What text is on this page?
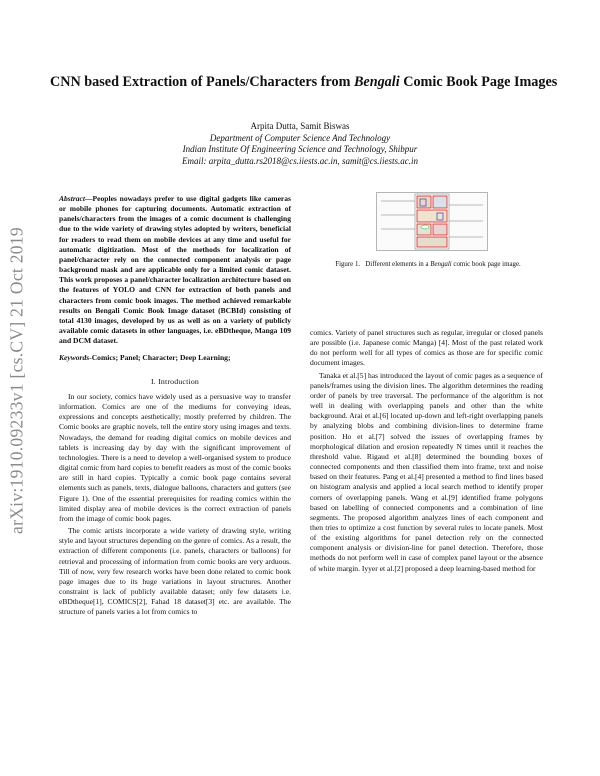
arXiv:1910.09233v1 [cs.CV] 21 Oct 2019
CNN based Extraction of Panels/Characters from Bengali Comic Book Page Images
Arpita Dutta, Samit Biswas
Department of Computer Science And Technology
Indian Institute Of Engineering Science and Technology, Shibpur
Email: arpita_dutta.rs2018@cs.iiests.ac.in, samit@cs.iiests.ac.in

Abstract—Peoples nowadays prefer to use digital gadgets like cameras or mobile phones for capturing documents. Automatic extraction of panels/characters from the images of a comic document is challenging due to the wide variety of drawing styles adopted by writers, beneficial for readers to read them on mobile devices at any time and useful for automatic digitization. Most of the methods for localization of panel/character rely on the connected component analysis or page background mask and are applicable only for a limited comic dataset. This work proposes a panel/character localization architecture based on the features of YOLO and CNN for extraction of both panels and characters from comic book images. The method achieved remarkable results on Bengali Comic Book Image dataset (BCBId) consisting of total 4130 images, developed by us as well as on a variety of publicly available comic datasets in other languages, i.e. eBDtheque, Manga 109 and DCM dataset.

Keywords-Comics; Panel; Character; Deep Learning;

I. Introduction

In our society, comics have widely used as a persuasive way to transfer information. Comics are one of the mediums for conveying ideas, expressions and concepts aesthetically; mostly preferred by children. The Comic books are graphic novels, tell the entire story using images and texts. Nowadays, the demand for reading digital comics on mobile devices and tablets is increasing day by day with the significant improvement of technologies. There is a need to develop a well-organised system to produce digital comic from hard copies to benefit readers as most of the comic books are still in hard copies. Typically a comic book page contains several elements such as panels, texts, dialogue balloons, characters and gutters (see Figure 1). One of the essential prerequisites for reading comics within the limited display area of mobile devices is the correct extraction of panels from the image of comic book pages.

The comic artists incorporate a wide variety of drawing style, writing style and layout structures depending on the genre of comics. As a result, the extraction of different components (i.e. panels, characters or balloons) for retrieval and processing of information from comic books are very arduous. Till of now, very few research works have been done related to comic book page images due to its huge variations in layout structures. Another constraint is lack of publicly available dataset; only few datasets i.e. eBDtheque[1], COMICS[2], Fahad 18 dataset[3] etc. are available. The structure of panels varies a lot from comics to

Figure 1. Different elements in a Bengali comic book page image.

comics. Variety of panel structures such as regular, irregular or closed panels are possible (i.e. Japanese comic Manga) [4]. Most of the past related work do not perform well for all types of comics as those are for specific comic document images.

Tanaka et al.[5] has introduced the layout of comic pages as a sequence of panels/frames using the division lines. The algorithm determines the reading order of panels by tree traversal. The performance of the algorithm is not well in dealing with overlapping panels and other than the white background. Arai et al.[6] located up-down and left-right overlapping panels by analyzing blobs and combining division-lines to determine frame position. Ho et al.[7] solved the issues of overlapping frames by morphological dilation and erosion repeatedly N times until it reaches the threshold value. Rigaud et al.[8] determined the bounding boxes of connected components and then classified them into frame, text and noise based on their features. Pang et al.[4] presented a method to find lines based on histogram analysis and applied a local search method to identify proper corners of overlapping panels. Wang et al.[9] identified frame polygons based on labelling of connected components and a combination of line segments. The proposed algorithm analyzes lines of each component and then tries to optimize a cost function by several rules to locate panels. Most of the existing algorithms for panel detection rely on the connected component analysis or division-line for panel detection. Therefore, those methods do not perform well in case of complex panel layout or the absence of white margin. Iyyer et al.[2] proposed a deep learning-based method for
